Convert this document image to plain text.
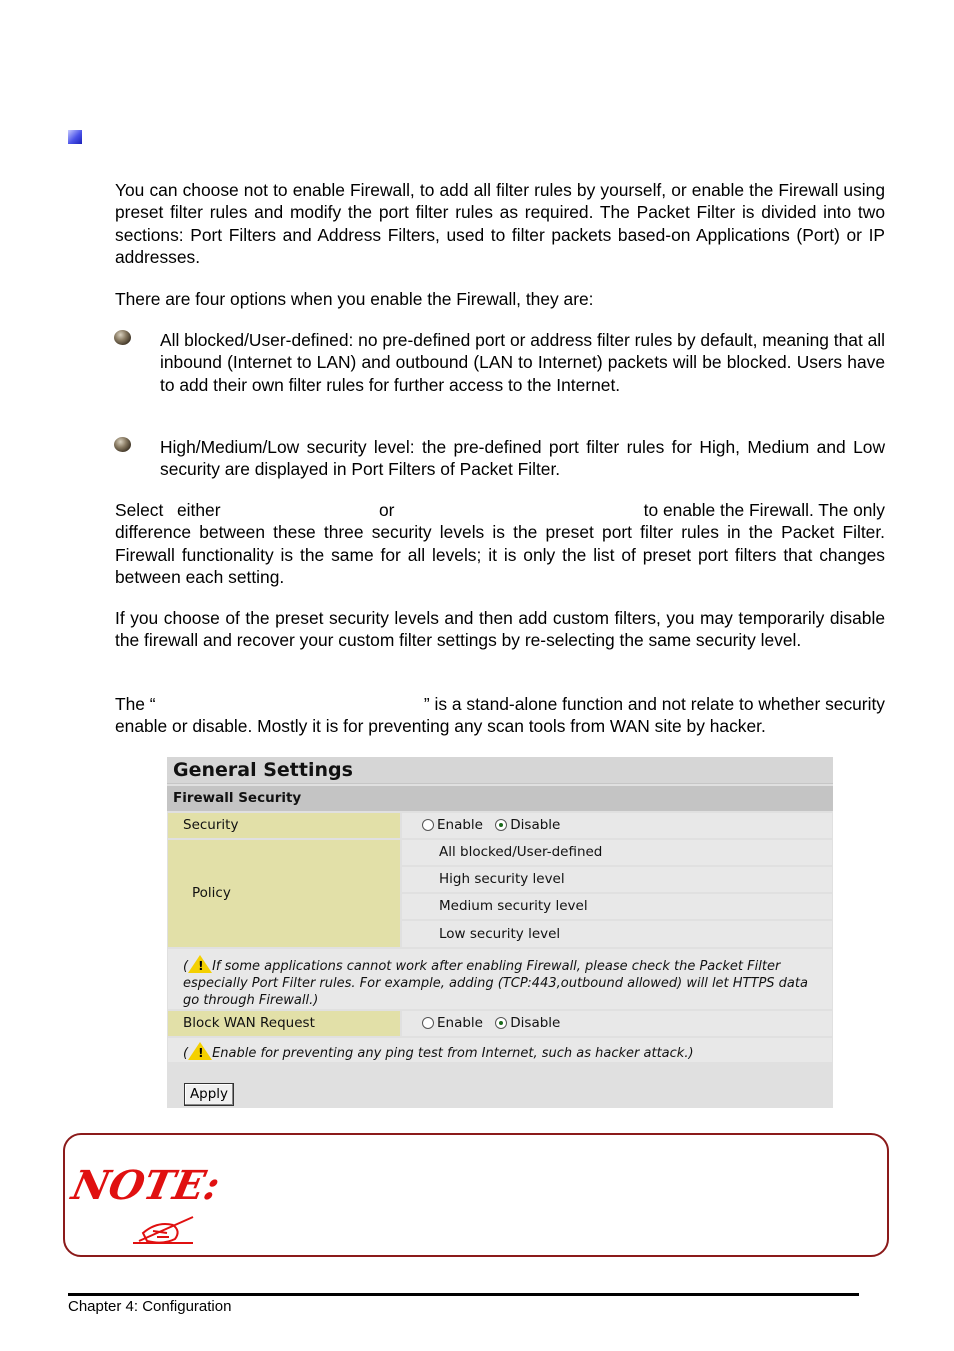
You can choose not to enable Firewall, to add all filter rules by yourself, or enable the Firewall using preset filter rules and modify the port filter rules as required. The Packet Filter is divided into two sections: Port Filters and Address Filters, used to filter packets based-on Applications (Port) or IP addresses.

There are four options when you enable the Firewall, they are:

All blocked/User-defined: no pre-defined port or address filter rules by default, meaning that all inbound (Internet to LAN) and outbound (LAN to Internet) packets will be blocked. Users have to add their own filter rules for further access to the Internet.

High/Medium/Low security level: the pre-defined port filter rules for High, Medium and Low security are displayed in Port Filters of Packet Filter.

Select either	or	to enable the Firewall. The only
difference between these three security levels is the preset port filter rules in the Packet Filter. Firewall functionality is the same for all levels; it is only the list of preset port filters that changes between each setting.

If you choose of the preset security levels and then add custom filters, you may temporarily disable the firewall and recover your custom filter settings by re-selecting the same security level.

The “	” is a stand-alone function and not relate to whether security
enable or disable. Mostly it is for preventing any scan tools from WAN site by hacker.
General Settings
Firewall Security
Security	Enable Disable
Policy
All blocked/User-defined
High security level
Medium security level
Low security level
( ! If some applications cannot work after enabling Firewall, please check the Packet Filter especially Port Filter rules. For example, adding (TCP:443,outbound allowed) will let HTTPS data go through Firewall.)
Block WAN Request	Enable Disable
( ! Enable for preventing any ping test from Internet, such as hacker attack.)
Apply
NOTE:
Chapter 4: Configuration
